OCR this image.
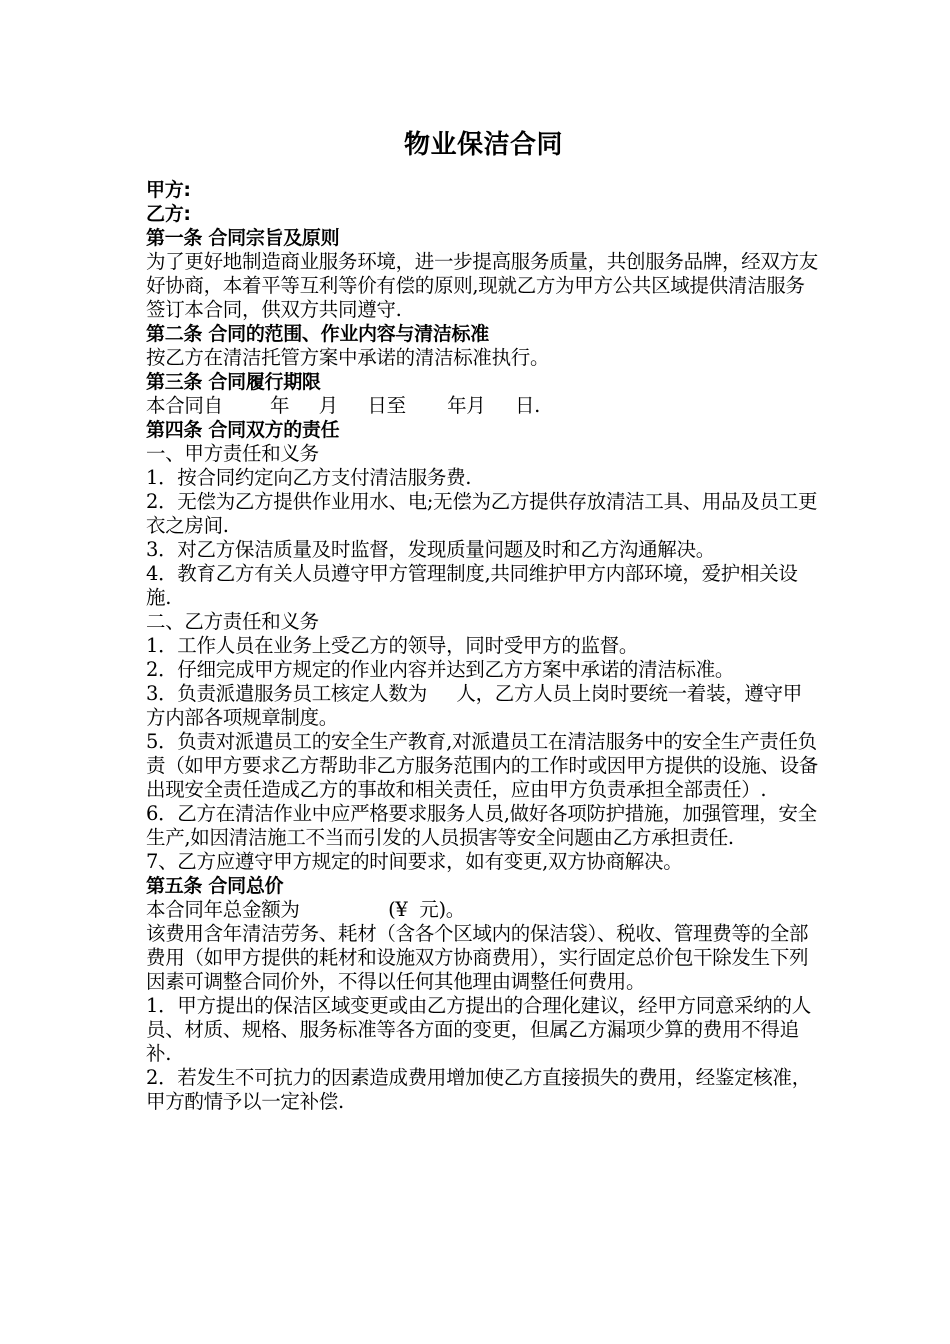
物业保洁合同
甲方:
乙方:
第一条 合同宗旨及原则

为了更好地制造商业服务环境，进一步提高服务质量，共创服务品牌，经双方友好协商，本着平等互利等价有偿的原则,现就乙方为甲方公共区域提供清洁服务签订本合同，供双方共同遵守.

第二条 合同的范围、作业内容与清洁标准

按乙方在清洁托管方案中承诺的清洁标准执行。

第三条 合同履行期限

本合同自        年     月     日至       年月     日.

第四条 合同双方的责任

一、甲方责任和义务

1．按合同约定向乙方支付清洁服务费.

2．无偿为乙方提供作业用水、电;无偿为乙方提供存放清洁工具、用品及员工更衣之房间.

3．对乙方保洁质量及时监督，发现质量问题及时和乙方沟通解决。

4．教育乙方有关人员遵守甲方管理制度,共同维护甲方内部环境，爱护相关设施.

二、乙方责任和义务

1．工作人员在业务上受乙方的领导，同时受甲方的监督。

2．仔细完成甲方规定的作业内容并达到乙方方案中承诺的清洁标准。

3．负责派遣服务员工核定人数为     人，乙方人员上岗时要统一着装，遵守甲方内部各项规章制度。

5．负责对派遣员工的安全生产教育,对派遣员工在清洁服务中的安全生产责任负责（如甲方要求乙方帮助非乙方服务范围内的工作时或因甲方提供的设施、设备出现安全责任造成乙方的事故和相关责任，应由甲方负责承担全部责任）.

6．乙方在清洁作业中应严格要求服务人员,做好各项防护措施，加强管理，安全生产,如因清洁施工不当而引发的人员损害等安全问题由乙方承担责任.

7、乙方应遵守甲方规定的时间要求，如有变更,双方协商解决。

第五条 合同总价

本合同年总金额为               (¥  元)。

该费用含年清洁劳务、耗材（含各个区域内的保洁袋）、税收、管理费等的全部费用（如甲方提供的耗材和设施双方协商费用），实行固定总价包干除发生下列因素可调整合同价外，不得以任何其他理由调整任何费用。

1．甲方提出的保洁区域变更或由乙方提出的合理化建议，经甲方同意采纳的人员、材质、规格、服务标准等各方面的变更，但属乙方漏项少算的费用不得追补.

2．若发生不可抗力的因素造成费用增加使乙方直接损失的费用，经鉴定核准，甲方酌情予以一定补偿.
